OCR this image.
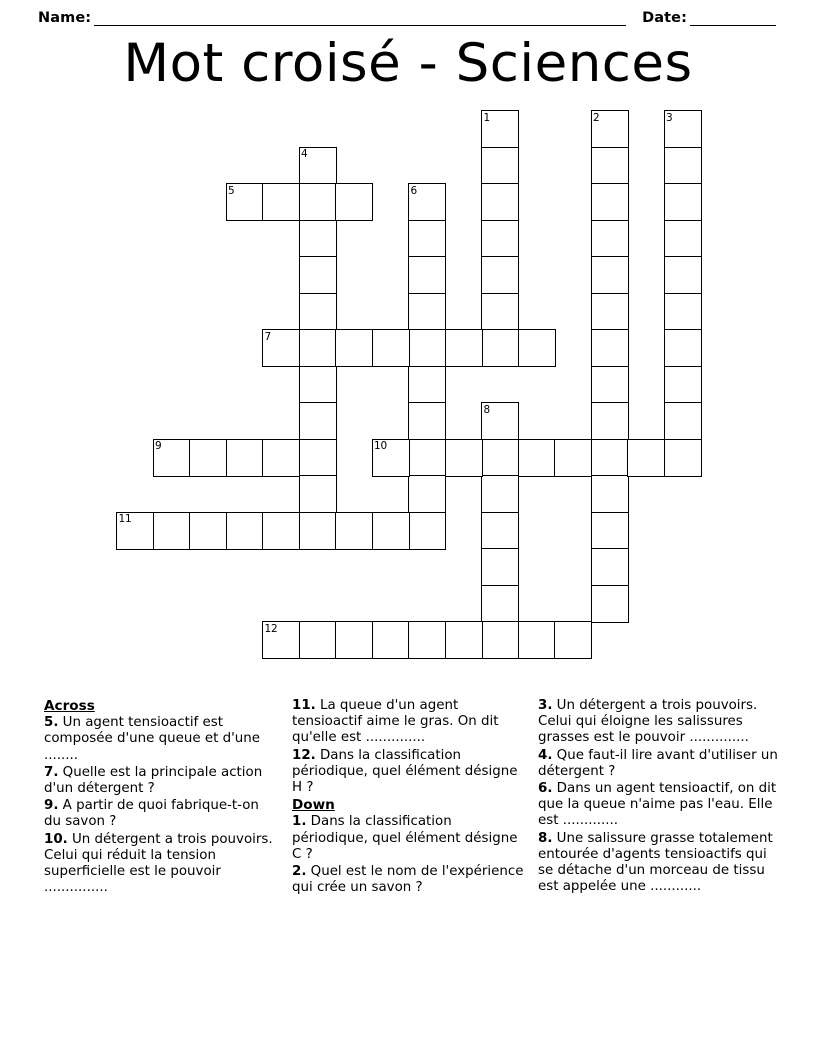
Name:	Date:
Mot croisé - Sciences
1	2	3
4
5	6
7
8
9	10
11
12
Across
5. Un agent tensioactif est composée d'une queue et d'une ........
7. Quelle est la principale action d'un détergent ?
9. A partir de quoi fabrique-t-on du savon ?
10. Un détergent a trois pouvoirs. Celui qui réduit la tension superficielle est le pouvoir ...............
11. La queue d'un agent tensioactif aime le gras. On dit qu'elle est ..............
12. Dans la classification périodique, quel élément désigne H ?
Down
1. Dans la classification périodique, quel élément désigne C ?
2. Quel est le nom de l'expérience qui crée un savon ?
3. Un détergent a trois pouvoirs. Celui qui éloigne les salissures grasses est le pouvoir ..............
4. Que faut-il lire avant d'utiliser un détergent ?
6. Dans un agent tensioactif, on dit que la queue n'aime pas l'eau. Elle est .............
8. Une salissure grasse totalement entourée d'agents tensioactifs qui se détache d'un morceau de tissu est appelée une ............
